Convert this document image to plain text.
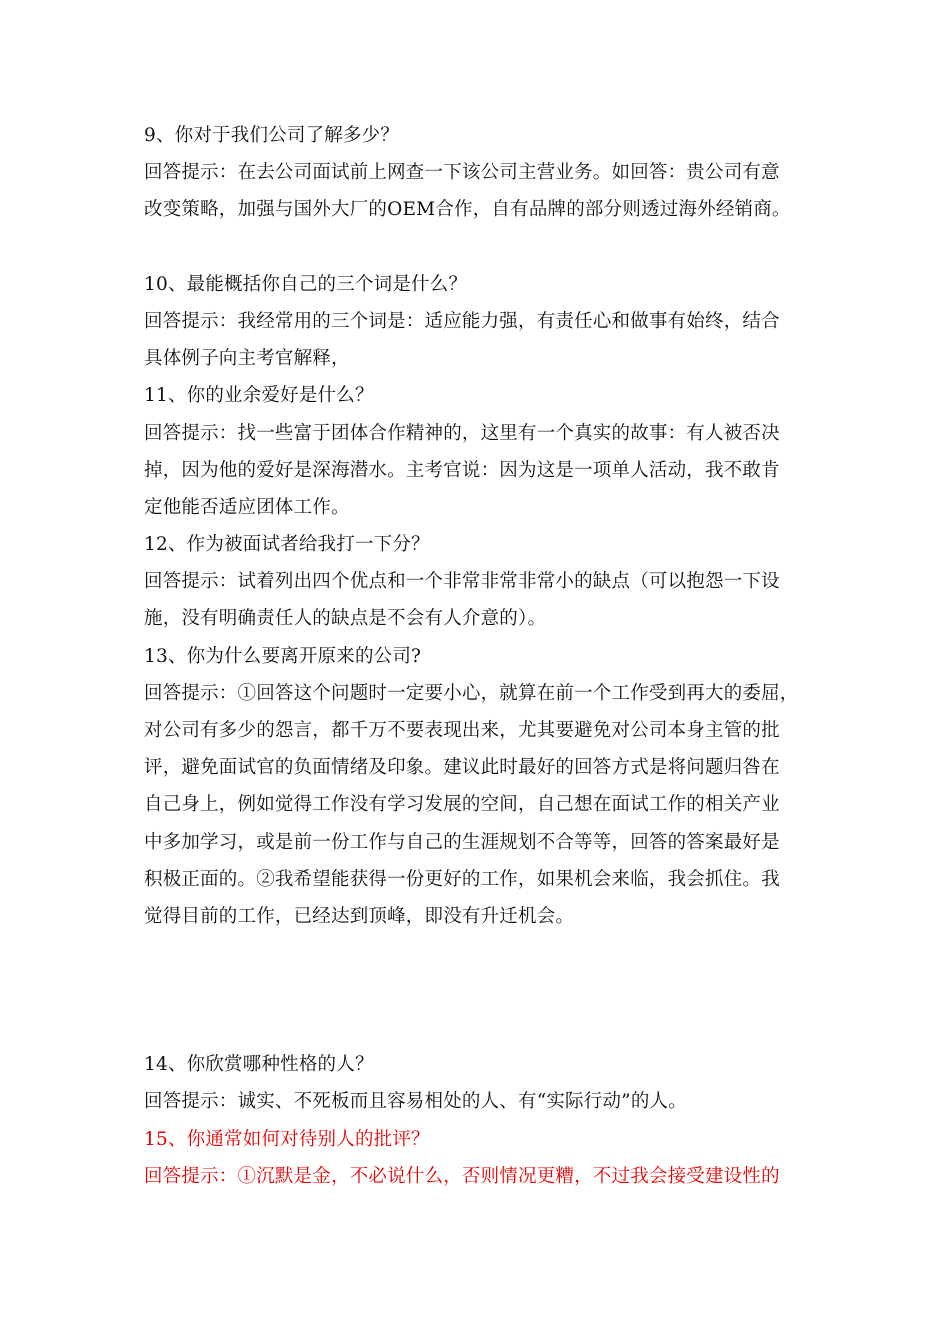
9、你对于我们公司了解多少？
回答提示：在去公司面试前上网查一下该公司主营业务。如回答：贵公司有意
改变策略，加强与国外大厂的OEM合作，自有品牌的部分则透过海外经销商。
10、最能概括你自己的三个词是什么？
回答提示：我经常用的三个词是：适应能力强，有责任心和做事有始终，结合
具体例子向主考官解释，
11、你的业余爱好是什么？
回答提示：找一些富于团体合作精神的，这里有一个真实的故事：有人被否决
掉，因为他的爱好是深海潜水。主考官说：因为这是一项单人活动，我不敢肯
定他能否适应团体工作。
12、作为被面试者给我打一下分？
回答提示：试着列出四个优点和一个非常非常非常小的缺点（可以抱怨一下设
施，没有明确责任人的缺点是不会有人介意的）。
13、你为什么要离开原来的公司?
回答提示：①回答这个问题时一定要小心，就算在前一个工作受到再大的委屈，
对公司有多少的怨言，都千万不要表现出来，尤其要避免对公司本身主管的批
评，避免面试官的负面情绪及印象。建议此时最好的回答方式是将问题归咎在
自己身上，例如觉得工作没有学习发展的空间，自己想在面试工作的相关产业
中多加学习，或是前一份工作与自己的生涯规划不合等等，回答的答案最好是
积极正面的。②我希望能获得一份更好的工作，如果机会来临，我会抓住。我
觉得目前的工作，已经达到顶峰，即没有升迁机会。
14、你欣赏哪种性格的人？
回答提示：诚实、不死板而且容易相处的人、有“实际行动”的人。
15、你通常如何对待别人的批评？
回答提示：①沉默是金，不必说什么，否则情况更糟，不过我会接受建设性的
